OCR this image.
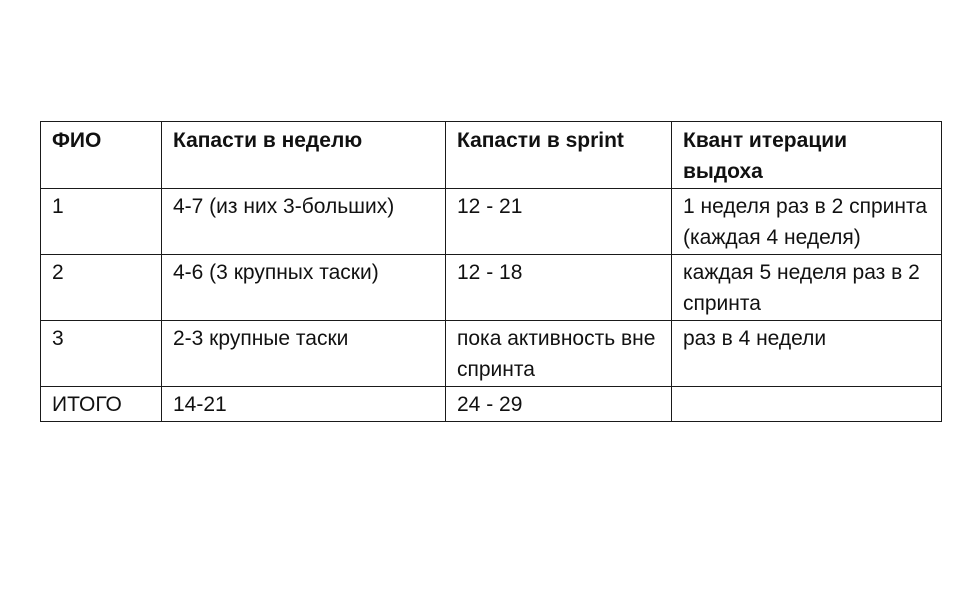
ФИО	Капасти в неделю	Капасти в sprint	Квант итерации выдоха
1	4-7 (из них 3-больших)	12 - 21	1 неделя раз в 2 спринта (каждая 4 неделя)
2	4-6 (3 крупных таски)	12 - 18	каждая 5 неделя раз в 2 спринта
3	2-3 крупные таски	пока активность вне спринта	раз в 4 недели
ИТОГО	14-21	24 - 29	
